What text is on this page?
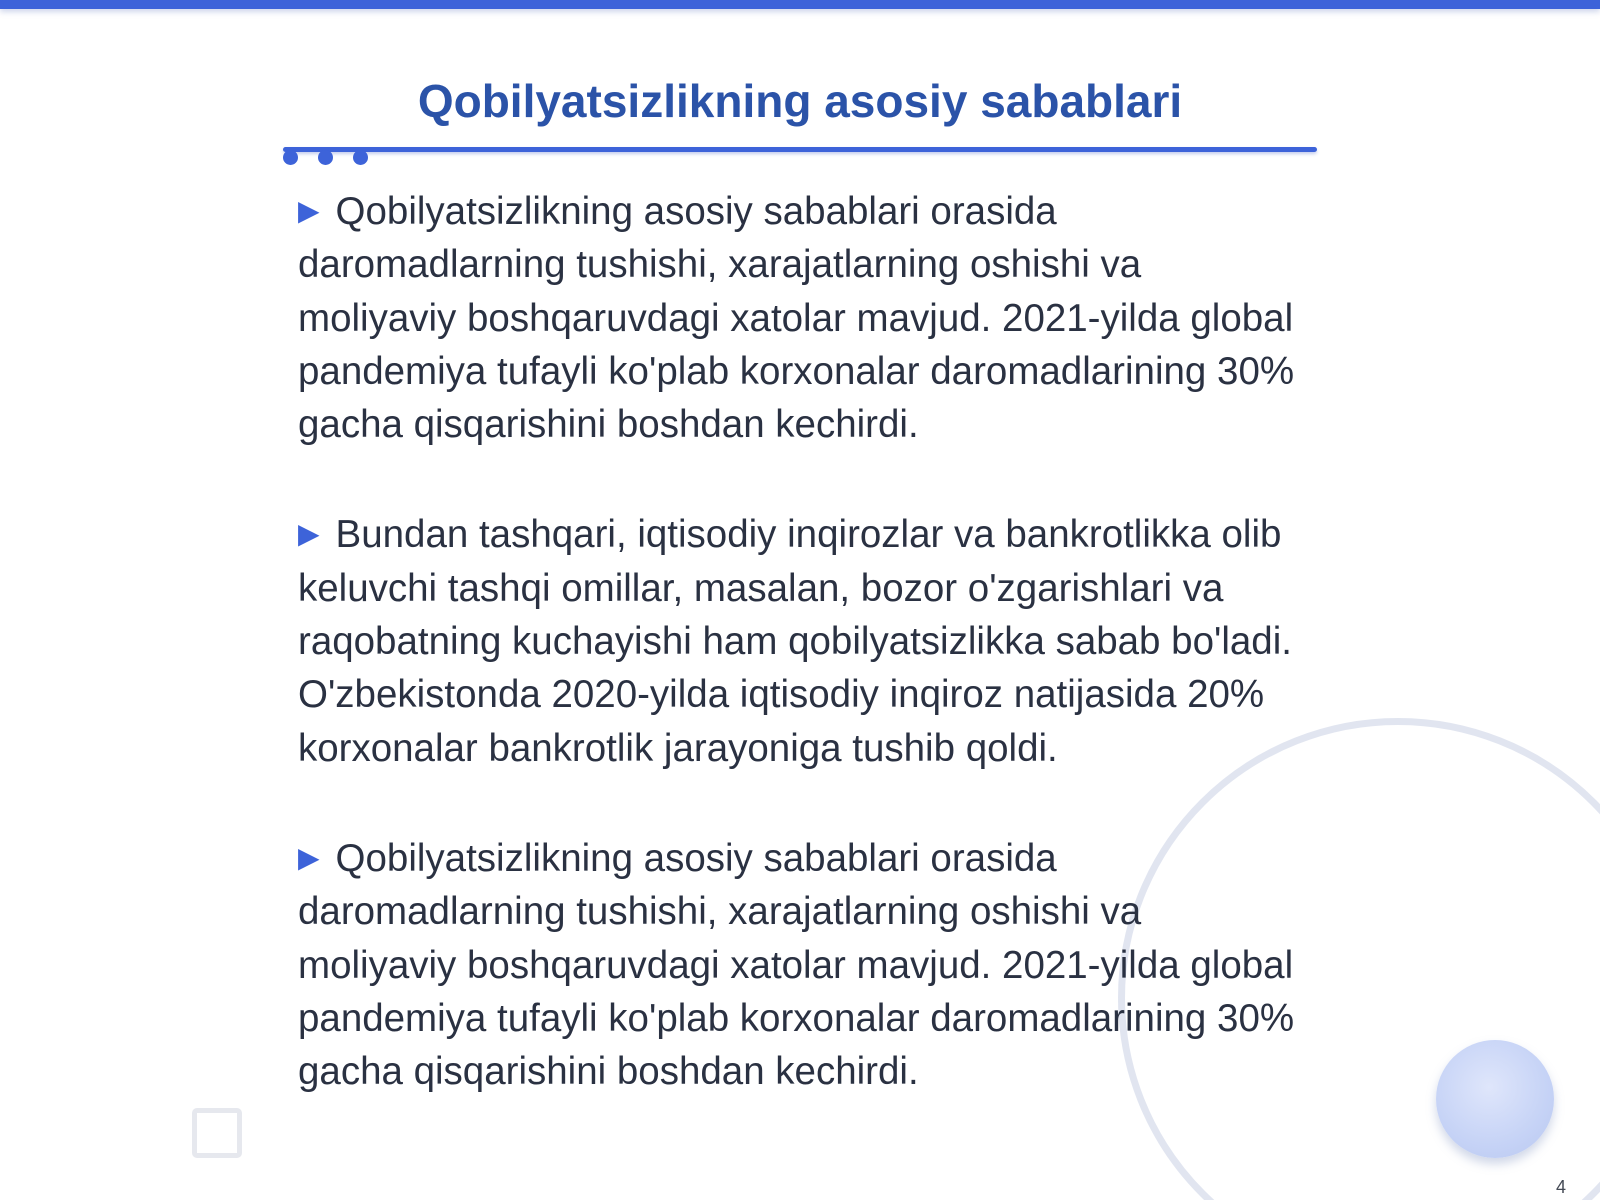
Qobilyatsizlikning asosiy sabablari
▶ Qobilyatsizlikning asosiy sabablari orasida daromadlarning tushishi, xarajatlarning oshishi va moliyaviy boshqaruvdagi xatolar mavjud. 2021-yilda global pandemiya tufayli ko'plab korxonalar daromadlarining 30% gacha qisqarishini boshdan kechirdi.
▶ Bundan tashqari, iqtisodiy inqirozlar va bankrotlikka olib keluvchi tashqi omillar, masalan, bozor o'zgarishlari va raqobatning kuchayishi ham qobilyatsizlikka sabab bo'ladi. O'zbekistonda 2020-yilda iqtisodiy inqiroz natijasida 20% korxonalar bankrotlik jarayoniga tushib qoldi.
▶ Qobilyatsizlikning asosiy sabablari orasida daromadlarning tushishi, xarajatlarning oshishi va moliyaviy boshqaruvdagi xatolar mavjud. 2021-yilda global pandemiya tufayli ko'plab korxonalar daromadlarining 30% gacha qisqarishini boshdan kechirdi.
4
